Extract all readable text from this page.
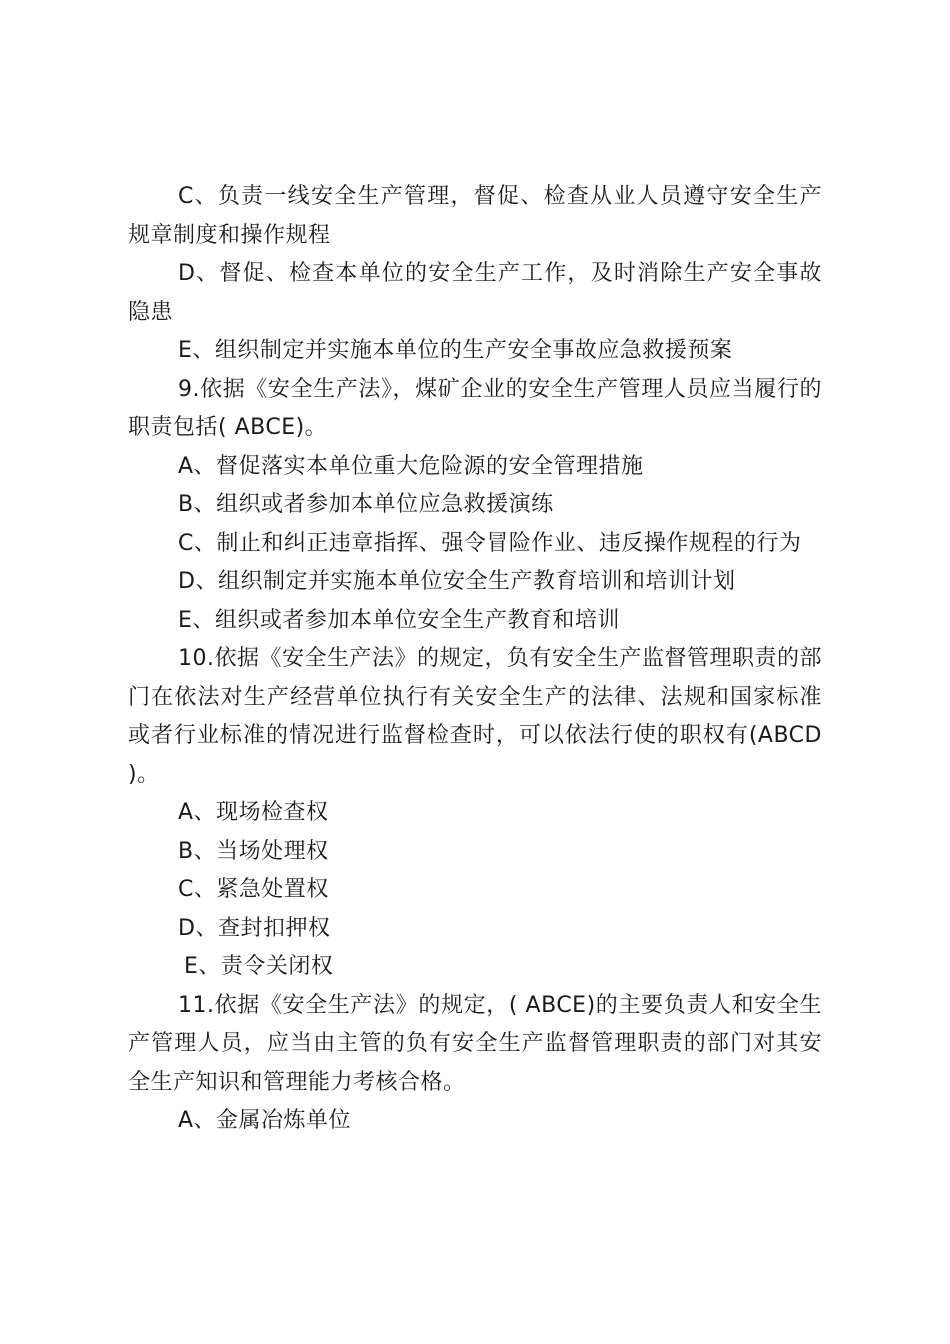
C、负责一线安全生产管理，督促、检查从业人员遵守安全生产规章制度和操作规程

D、督促、检查本单位的安全生产工作，及时消除生产安全事故隐患

E、组织制定并实施本单位的生产安全事故应急救援预案

9.依据《安全生产法》，煤矿企业的安全生产管理人员应当履行的职责包括( ABCE)。

A、督促落实本单位重大危险源的安全管理措施

B、组织或者参加本单位应急救援演练

C、制止和纠正违章指挥、强令冒险作业、违反操作规程的行为

D、组织制定并实施本单位安全生产教育培训和培训计划

E、组织或者参加本单位安全生产教育和培训

10.依据《安全生产法》的规定，负有安全生产监督管理职责的部门在依法对生产经营单位执行有关安全生产的法律、法规和国家标准或者行业标准的情况进行监督检查时，可以依法行使的职权有(ABCD )。

A、现场检查权

B、当场处理权

C、紧急处置权

D、查封扣押权

E、责令关闭权

11.依据《安全生产法》的规定，( ABCE)的主要负责人和安全生产管理人员，应当由主管的负有安全生产监督管理职责的部门对其安全生产知识和管理能力考核合格。

A、金属冶炼单位
